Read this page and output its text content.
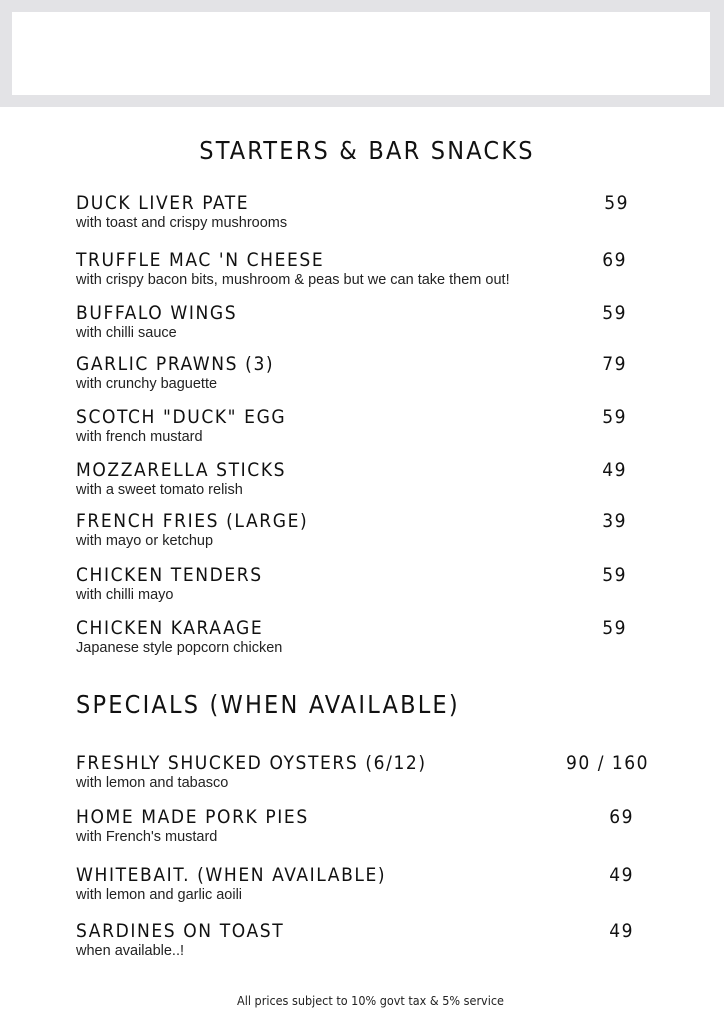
STARTERS & BAR SNACKS
DUCK LIVER PATE
with toast and crispy mushrooms
59
TRUFFLE MAC 'N CHEESE
with crispy bacon bits, mushroom & peas but we can take them out!
69
BUFFALO WINGS
with chilli sauce
59
GARLIC PRAWNS (3)
with crunchy baguette
79
SCOTCH "DUCK" EGG
with french mustard
59
MOZZARELLA STICKS
with a sweet tomato relish
49
FRENCH FRIES (LARGE)
with mayo or ketchup
39
CHICKEN TENDERS
with chilli mayo
59
CHICKEN KARAAGE
Japanese style popcorn chicken
59
SPECIALS (WHEN AVAILABLE)
FRESHLY SHUCKED OYSTERS (6/12)
with lemon and tabasco
90 / 160
HOME MADE PORK PIES
with French's mustard
69
WHITEBAIT. (WHEN AVAILABLE)
with lemon and garlic aoili
49
SARDINES ON TOAST
when available..!
49
All prices subject to 10% govt tax & 5% service
